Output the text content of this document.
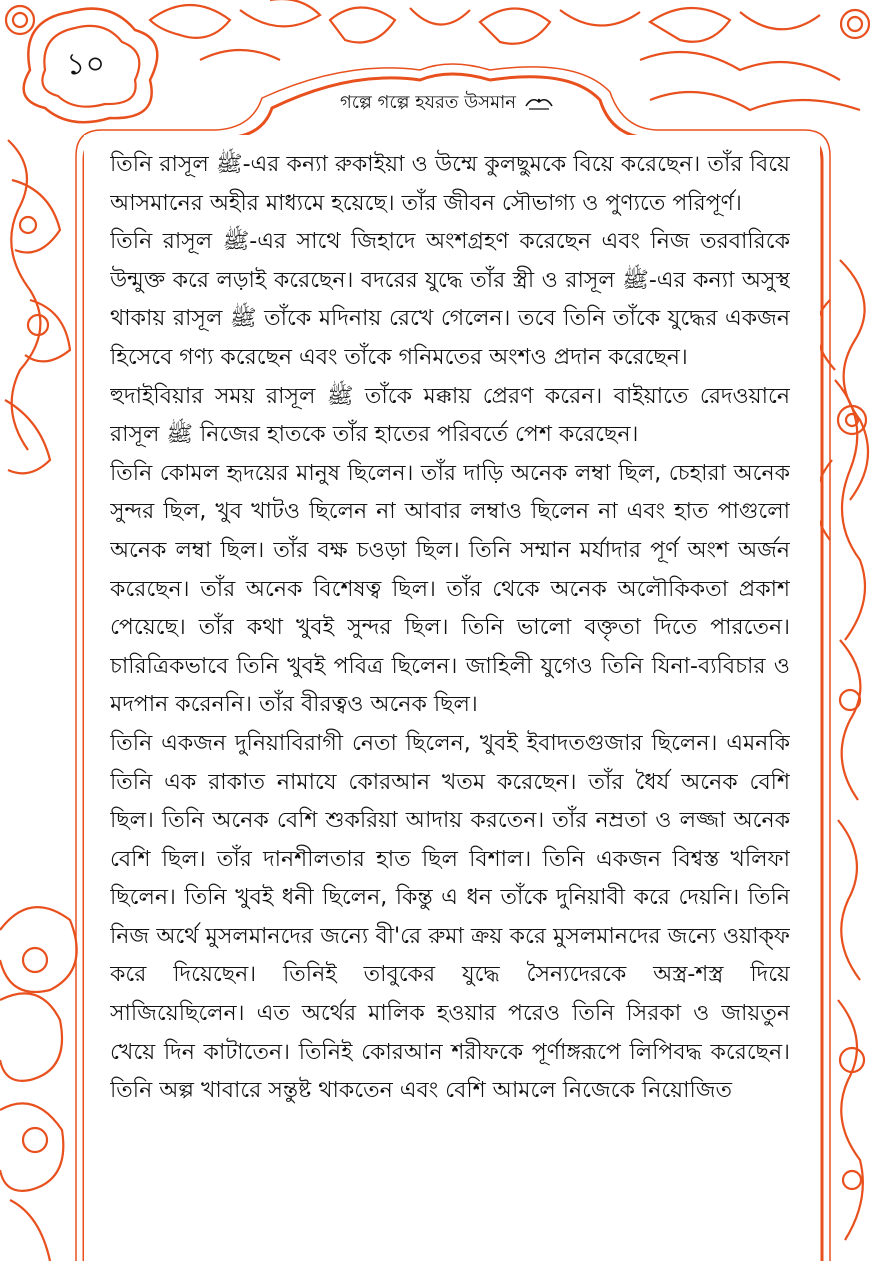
১০
গল্পে গল্পে হযরত উসমান

তিনি রাসূল ﷺ-এর কন্যা রুকাইয়া ও উম্মে কুলছুমকে বিয়ে করেছেন। তাঁর বিয়ে আসমানের অহীর মাধ্যমে হয়েছে। তাঁর জীবন সৌভাগ্য ও পুণ্যতে পরিপূর্ণ।

তিনি রাসূল ﷺ-এর সাথে জিহাদে অংশগ্রহণ করেছেন এবং নিজ তরবারিকে উন্মুক্ত করে লড়াই করেছেন। বদরের যুদ্ধে তাঁর স্ত্রী ও রাসূল ﷺ-এর কন্যা অসুস্থ থাকায় রাসূল ﷺ তাঁকে মদিনায় রেখে গেলেন। তবে তিনি তাঁকে যুদ্ধের একজন হিসেবে গণ্য করেছেন এবং তাঁকে গনিমতের অংশও প্রদান করেছেন।

হুদাইবিয়ার সময় রাসূল ﷺ তাঁকে মক্কায় প্রেরণ করেন। বাইয়াতে রেদওয়ানে রাসূল ﷺ নিজের হাতকে তাঁর হাতের পরিবর্তে পেশ করেছেন।

তিনি কোমল হৃদয়ের মানুষ ছিলেন। তাঁর দাড়ি অনেক লম্বা ছিল, চেহারা অনেক সুন্দর ছিল, খুব খাটও ছিলেন না আবার লম্বাও ছিলেন না এবং হাত পাগুলো অনেক লম্বা ছিল। তাঁর বক্ষ চওড়া ছিল। তিনি সম্মান মর্যাদার পূর্ণ অংশ অর্জন করেছেন। তাঁর অনেক বিশেষত্ব ছিল। তাঁর থেকে অনেক অলৌকিকতা প্রকাশ পেয়েছে। তাঁর কথা খুবই সুন্দর ছিল। তিনি ভালো বক্তৃতা দিতে পারতেন। চারিত্রিকভাবে তিনি খুবই পবিত্র ছিলেন। জাহিলী যুগেও তিনি যিনা-ব্যবিচার ও মদপান করেননি। তাঁর বীরত্বও অনেক ছিল।

তিনি একজন দুনিয়াবিরাগী নেতা ছিলেন, খুবই ইবাদতগুজার ছিলেন। এমনকি তিনি এক রাকাত নামাযে কোরআন খতম করেছেন। তাঁর ধৈর্য অনেক বেশি ছিল। তিনি অনেক বেশি শুকরিয়া আদায় করতেন। তাঁর নম্রতা ও লজ্জা অনেক বেশি ছিল। তাঁর দানশীলতার হাত ছিল বিশাল। তিনি একজন বিশ্বস্ত খলিফা ছিলেন। তিনি খুবই ধনী ছিলেন, কিন্তু এ ধন তাঁকে দুনিয়াবী করে দেয়নি। তিনি নিজ অর্থে মুসলমানদের জন্যে বী'রে রুমা ক্রয় করে মুসলমানদের জন্যে ওয়াক্ফ করে দিয়েছেন। তিনিই তাবুকের যুদ্ধে সৈন্যদেরকে অস্ত্র-শস্ত্র দিয়ে সাজিয়েছিলেন। এত অর্থের মালিক হওয়ার পরেও তিনি সিরকা ও জায়তুন খেয়ে দিন কাটাতেন। তিনিই কোরআন শরীফকে পূর্ণাঙ্গরূপে লিপিবদ্ধ করেছেন। তিনি অল্প খাবারে সন্তুষ্ট থাকতেন এবং বেশি আমলে নিজেকে নিয়োজিত
